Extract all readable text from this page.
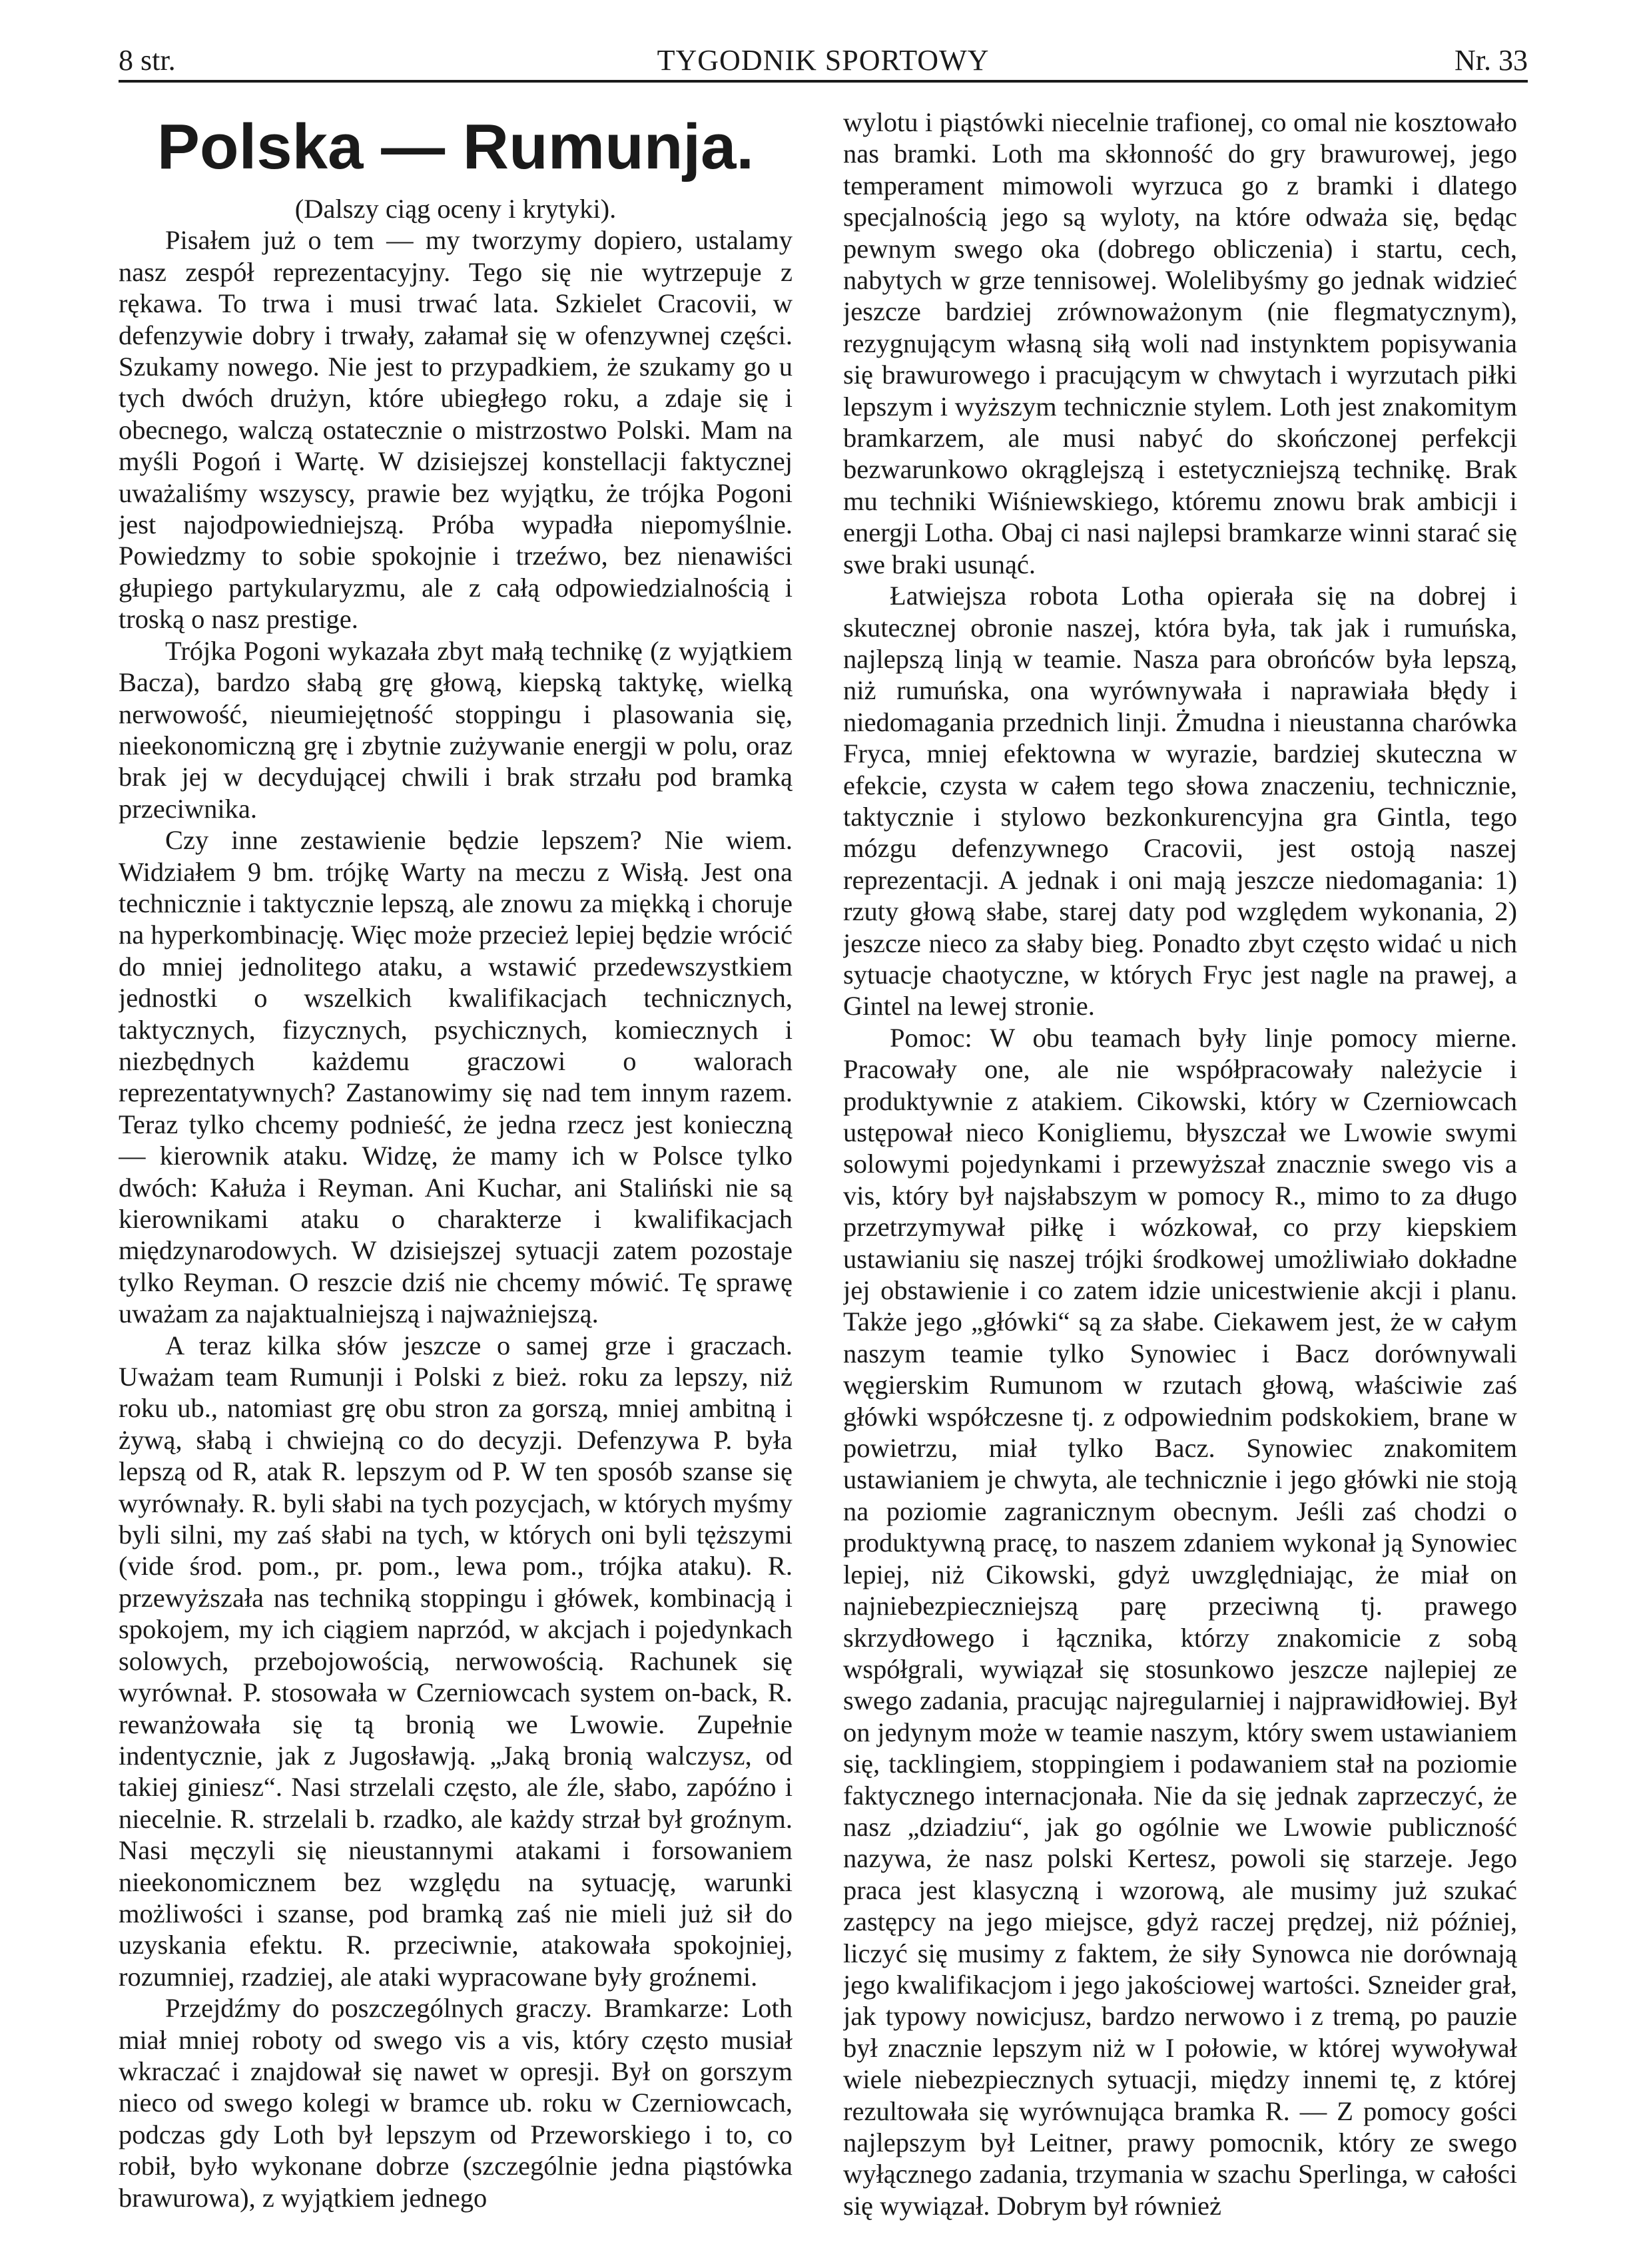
8 str.	TYGODNIK SPORTOWY	Nr. 33
Polska — Rumunja.

(Dalszy ciąg oceny i krytyki).

Pisałem już o tem — my tworzymy dopiero, ustalamy nasz zespół reprezentacyjny. Tego się nie wytrzepuje z rękawa. To trwa i musi trwać lata. Szkielet Cracovii, w defenzywie dobry i trwały, załamał się w ofenzywnej części. Szukamy nowego. Nie jest to przypadkiem, że szukamy go u tych dwóch drużyn, które ubiegłego roku, a zdaje się i obecnego, walczą ostatecznie o mistrzostwo Polski. Mam na myśli Pogoń i Wartę. W dzisiejszej konstellacji faktycznej uważaliśmy wszyscy, prawie bez wyjątku, że trójka Pogoni jest najodpowiedniejszą. Próba wypadła niepomyślnie. Powiedzmy to sobie spokojnie i trzeźwo, bez nienawiści głupiego partykularyzmu, ale z całą odpowiedzialnością i troską o nasz prestige.

Trójka Pogoni wykazała zbyt małą technikę (z wyjątkiem Bacza), bardzo słabą grę głową, kiepską taktykę, wielką nerwowość, nieumiejętność stoppingu i plasowania się, nieekonomiczną grę i zbytnie zużywanie energji w polu, oraz brak jej w decydującej chwili i brak strzału pod bramką przeciwnika.

Czy inne zestawienie będzie lepszem? Nie wiem. Widziałem 9 bm. trójkę Warty na meczu z Wisłą. Jest ona technicznie i taktycznie lepszą, ale znowu za miękką i choruje na hyperkombinację. Więc może przecież lepiej będzie wrócić do mniej jednolitego ataku, a wstawić przedewszystkiem jednostki o wszelkich kwalifikacjach technicznych, taktycznych, fizycznych, psychicznych, komiecznych i niezbędnych każdemu graczowi o walorach reprezentatywnych? Zastanowimy się nad tem innym razem. Teraz tylko chcemy podnieść, że jedna rzecz jest konieczną — kierownik ataku. Widzę, że mamy ich w Polsce tylko dwóch: Kałuża i Reyman. Ani Kuchar, ani Staliński nie są kierownikami ataku o charakterze i kwalifikacjach międzynarodowych. W dzisiejszej sytuacji zatem pozostaje tylko Reyman. O reszcie dziś nie chcemy mówić. Tę sprawę uważam za najaktualniejszą i najważniejszą.

A teraz kilka słów jeszcze o samej grze i graczach. Uważam team Rumunji i Polski z bież. roku za lepszy, niż roku ub., natomiast grę obu stron za gorszą, mniej ambitną i żywą, słabą i chwiejną co do decyzji. Defenzywa P. była lepszą od R, atak R. lepszym od P. W ten sposób szanse się wyrównały. R. byli słabi na tych pozycjach, w których myśmy byli silni, my zaś słabi na tych, w których oni byli tęższymi (vide środ. pom., pr. pom., lewa pom., trójka ataku). R. przewyższała nas techniką stoppingu i główek, kombinacją i spokojem, my ich ciągiem naprzód, w akcjach i pojedynkach solowych, przebojowością, nerwowością. Rachunek się wyrównał. P. stosowała w Czerniowcach system on-back, R. rewanżowała się tą bronią we Lwowie. Zupełnie indentycznie, jak z Jugosławją. „Jaką bronią walczysz, od takiej giniesz“. Nasi strzelali często, ale źle, słabo, zapóźno i niecelnie. R. strzelali b. rzadko, ale każdy strzał był groźnym. Nasi męczyli się nieustannymi atakami i forsowaniem nieekonomicznem bez względu na sytuację, warunki możliwości i szanse, pod bramką zaś nie mieli już sił do uzyskania efektu. R. przeciwnie, atakowała spokojniej, rozumniej, rzadziej, ale ataki wypracowane były groźnemi.

Przejdźmy do poszczególnych graczy. Bramkarze: Loth miał mniej roboty od swego vis a vis, który często musiał wkraczać i znajdował się nawet w opresji. Był on gorszym nieco od swego kolegi w bramce ub. roku w Czerniowcach, podczas gdy Loth był lepszym od Przeworskiego i to, co robił, było wykonane dobrze (szczególnie jedna piąstówka brawurowa), z wyjątkiem jednego

wylotu i piąstówki niecelnie trafionej, co omal nie kosztowało nas bramki. Loth ma skłonność do gry brawurowej, jego temperament mimowoli wyrzuca go z bramki i dlatego specjalnością jego są wyloty, na które odważa się, będąc pewnym swego oka (dobrego obliczenia) i startu, cech, nabytych w grze tennisowej. Wolelibyśmy go jednak widzieć jeszcze bardziej zrównoważonym (nie flegmatycznym), rezygnującym własną siłą woli nad instynktem popisywania się brawurowego i pracującym w chwytach i wyrzutach piłki lepszym i wyższym technicznie stylem. Loth jest znakomitym bramkarzem, ale musi nabyć do skończonej perfekcji bezwarunkowo okrąglejszą i estetyczniejszą technikę. Brak mu techniki Wiśniewskiego, któremu znowu brak ambicji i energji Lotha. Obaj ci nasi najlepsi bramkarze winni starać się swe braki usunąć.

Łatwiejsza robota Lotha opierała się na dobrej i skutecznej obronie naszej, która była, tak jak i rumuńska, najlepszą linją w teamie. Nasza para obrońców była lepszą, niż rumuńska, ona wyrównywała i naprawiała błędy i niedomagania przednich linji. Żmudna i nieustanna charówka Fryca, mniej efektowna w wyrazie, bardziej skuteczna w efekcie, czysta w całem tego słowa znaczeniu, technicznie, taktycznie i stylowo bezkonkurencyjna gra Gintla, tego mózgu defenzywnego Cracovii, jest ostoją naszej reprezentacji. A jednak i oni mają jeszcze niedomagania: 1) rzuty głową słabe, starej daty pod względem wykonania, 2) jeszcze nieco za słaby bieg. Ponadto zbyt często widać u nich sytuacje chaotyczne, w których Fryc jest nagle na prawej, a Gintel na lewej stronie.

Pomoc: W obu teamach były linje pomocy mierne. Pracowały one, ale nie współpracowały należycie i produktywnie z atakiem. Cikowski, który w Czerniowcach ustępował nieco Konigliemu, błyszczał we Lwowie swymi solowymi pojedynkami i przewyższał znacznie swego vis a vis, który był najsłabszym w pomocy R., mimo to za długo przetrzymywał piłkę i wózkował, co przy kiepskiem ustawianiu się naszej trójki środkowej umożliwiało dokładne jej obstawienie i co zatem idzie unicestwienie akcji i planu. Także jego „główki“ są za słabe. Ciekawem jest, że w całym naszym teamie tylko Synowiec i Bacz dorównywali węgierskim Rumunom w rzutach głową, właściwie zaś główki współczesne tj. z odpowiednim podskokiem, brane w powietrzu, miał tylko Bacz. Synowiec znakomitem ustawianiem je chwyta, ale technicznie i jego główki nie stoją na poziomie zagranicznym obecnym. Jeśli zaś chodzi o produktywną pracę, to naszem zdaniem wykonał ją Synowiec lepiej, niż Cikowski, gdyż uwzględniając, że miał on najniebezpieczniejszą parę przeciwną tj. prawego skrzydłowego i łącznika, którzy znakomicie z sobą współgrali, wywiązał się stosunkowo jeszcze najlepiej ze swego zadania, pracując najregularniej i najprawidłowiej. Był on jedynym może w teamie naszym, który swem ustawianiem się, tacklingiem, stoppingiem i podawaniem stał na poziomie faktycznego internacjonała. Nie da się jednak zaprzeczyć, że nasz „dziadziu“, jak go ogólnie we Lwowie publiczność nazywa, że nasz polski Kertesz, powoli się starzeje. Jego praca jest klasyczną i wzorową, ale musimy już szukać zastępcy na jego miejsce, gdyż raczej prędzej, niż później, liczyć się musimy z faktem, że siły Synowca nie dorównają jego kwalifikacjom i jego jakościowej wartości. Szneider grał, jak typowy nowicjusz, bardzo nerwowo i z tremą, po pauzie był znacznie lepszym niż w I połowie, w której wywoływał wiele niebezpiecznych sytuacji, między innemi tę, z której rezultowała się wyrównująca bramka R. — Z pomocy gości najlepszym był Leitner, prawy pomocnik, który ze swego wyłącznego zadania, trzymania w szachu Sperlinga, w całości się wywiązał. Dobrym był również
